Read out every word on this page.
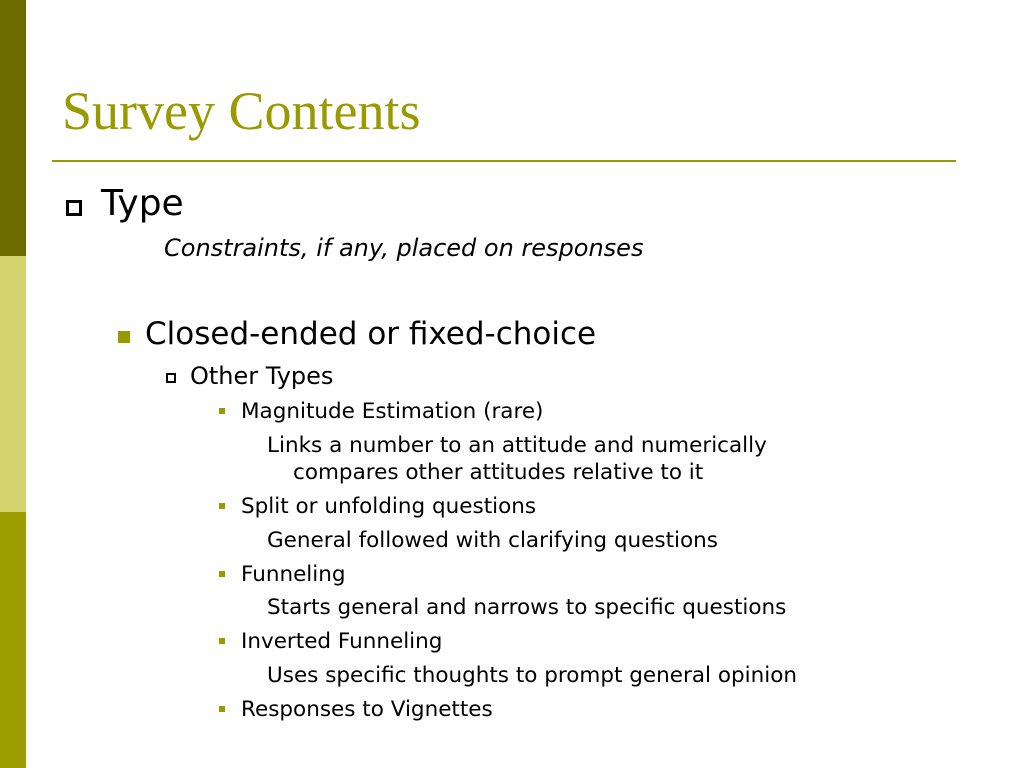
Survey Contents
Type
Constraints, if any, placed on responses
Closed-ended or fixed-choice
Other Types
Magnitude Estimation (rare)
Links a number to an attitude and numerically
compares other attitudes relative to it
Split or unfolding questions
General followed with clarifying questions
Funneling
Starts general and narrows to specific questions
Inverted Funneling
Uses specific thoughts to prompt general opinion
Responses to Vignettes
